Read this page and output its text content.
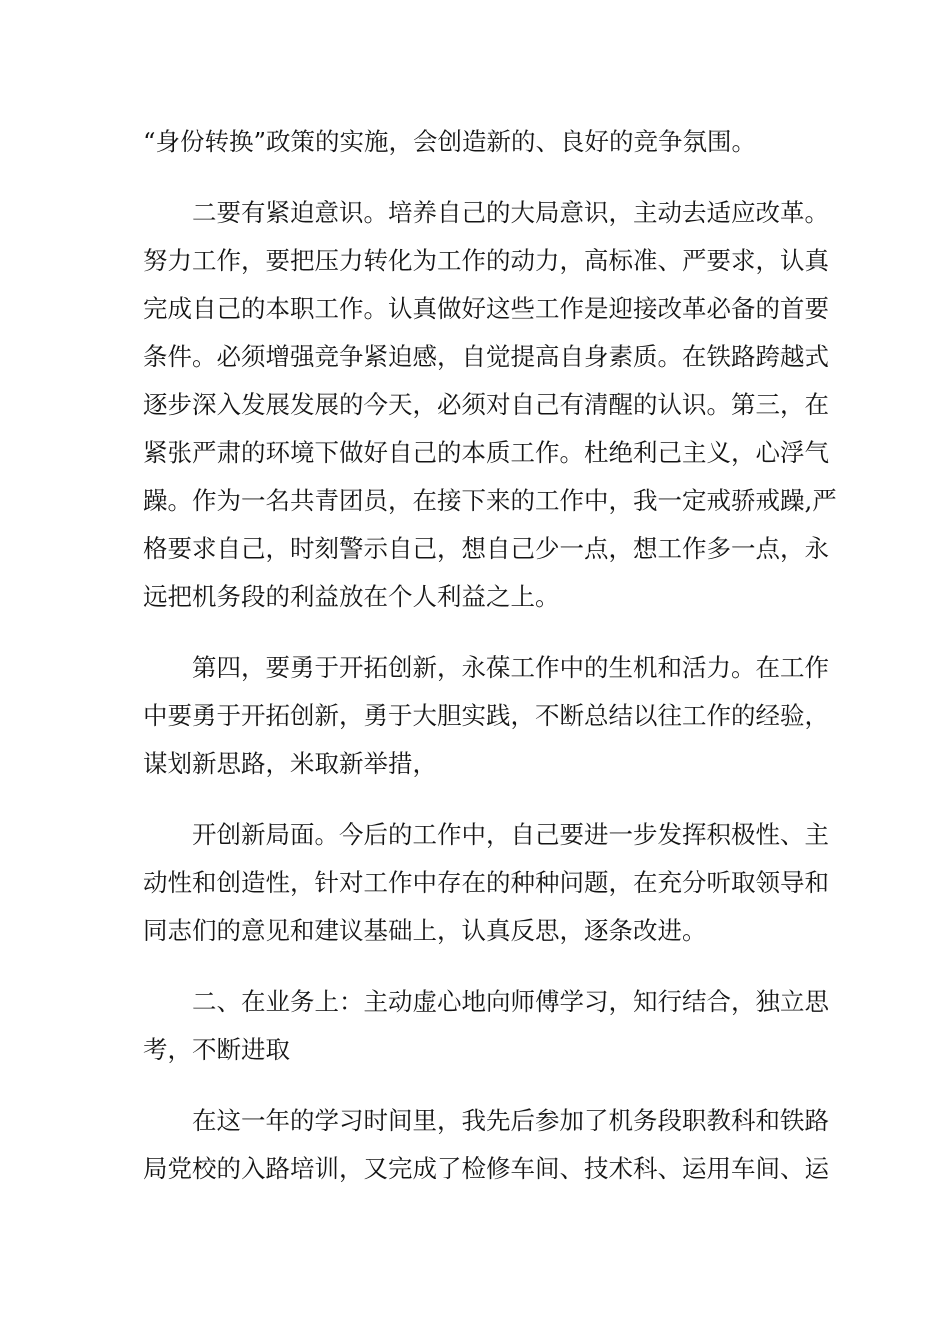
“身份转换”政策的实施，会创造新的、良好的竞争氛围。
　　二要有紧迫意识。培养自己的大局意识，主动去适应改革。
努力工作，要把压力转化为工作的动力，高标准、严要求，认真
完成自己的本职工作。认真做好这些工作是迎接改革必备的首要
条件。必须增强竞争紧迫感，自觉提高自身素质。在铁路跨越式
逐步深入发展发展的今天，必须对自己有清醒的认识。第三，在
紧张严肃的环境下做好自己的本质工作。杜绝利己主义，心浮气
躁。作为一名共青团员，在接下来的工作中，我一定戒骄戒躁,严
格要求自己，时刻警示自己，想自己少一点，想工作多一点，永
远把机务段的利益放在个人利益之上。
　　第四，要勇于开拓创新，永葆工作中的生机和活力。在工作
中要勇于开拓创新，勇于大胆实践，不断总结以往工作的经验，
谋划新思路，米取新举措，
　　开创新局面。今后的工作中，自己要进一步发挥积极性、主
动性和创造性，针对工作中存在的种种问题，在充分听取领导和
同志们的意见和建议基础上，认真反思，逐条改进。
　　二、在业务上：主动虚心地向师傅学习，知行结合，独立思
考，不断进取
　　在这一年的学习时间里，我先后参加了机务段职教科和铁路
局党校的入路培训，又完成了检修车间、技术科、运用车间、运
